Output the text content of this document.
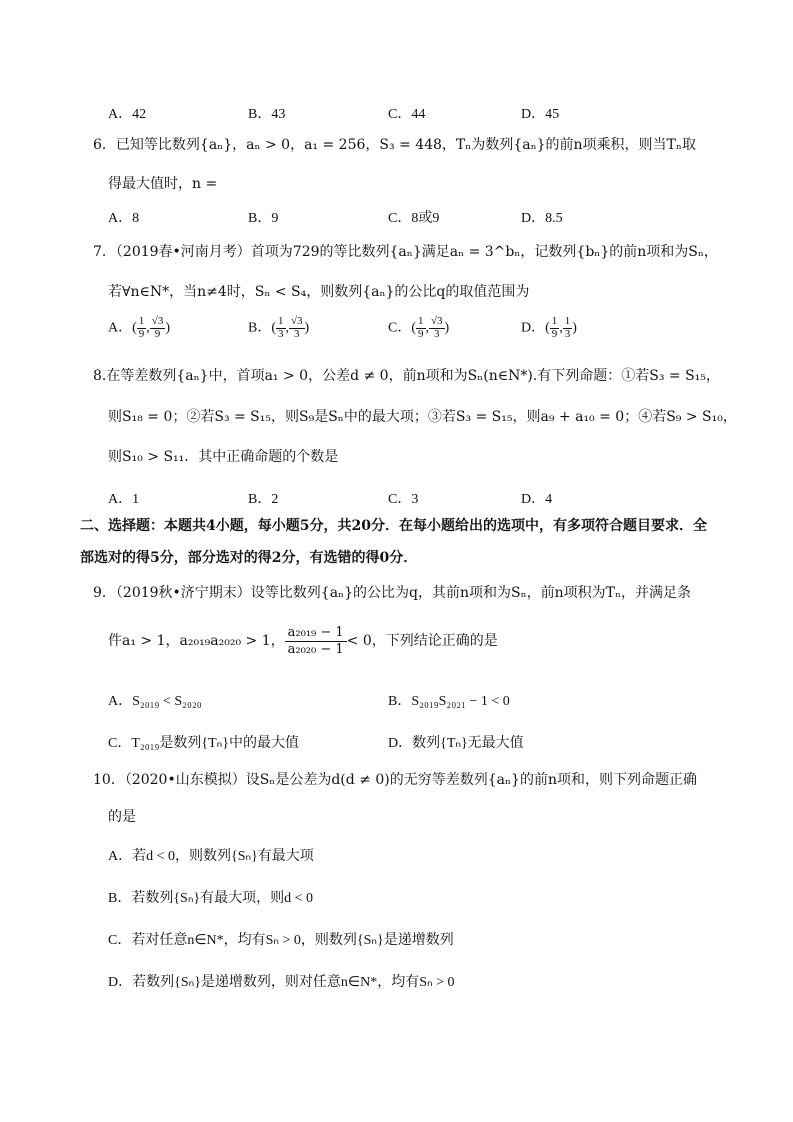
A．42	B．43	C．44	D．45
6．已知等比数列{aₙ}，aₙ > 0，a₁ = 256，S₃ = 448，Tₙ为数列{aₙ}的前n项乘积，则当Tₙ取
得最大值时，n =
A．8	B．9	C．8或9	D．8.5
7．（2019春•河南月考）首项为729的等比数列{aₙ}满足aₙ = 3^bₙ，记数列{bₙ}的前n项和为Sₙ，
若∀n∈N*，当n≠4时，Sₙ < S₄，则数列{aₙ}的公比q的取值范围为
A．( $\frac{1}{9}$ , $\frac{√3}{9}$ )	B．( $\frac{1}{3}$ , $\frac{√3}{3}$ )	C．( $\frac{1}{9}$ , $\frac{√3}{3}$ )	D．( $\frac{1}{9}$ , $\frac{1}{3}$ )
8.在等差数列{aₙ}中，首项a₁ > 0，公差d ≠ 0，前n项和为Sₙ(n∈N*).有下列命题：①若S₃ = S₁₅，
则S₁₈ = 0；②若S₃ = S₁₅，则S₉是Sₙ中的最大项；③若S₃ = S₁₅，则a₉ + a₁₀ = 0；④若S₉ > S₁₀，
则S₁₀ > S₁₁．其中正确命题的个数是
A．1	B．2	C．3	D．4
二、选择题：本题共4小题，每小题5分，共20分．在每小题给出的选项中，有多项符合题目要求．全
部选对的得5分，部分选对的得2分，有选错的得0分．
9．（2019秋•济宁期末）设等比数列{aₙ}的公比为q，其前n项和为Sₙ，前n项积为Tₙ，并满足条
件a₁ > 1，a₂₀₁₉a₂₀₂₀ > 1， $\frac{\text{a₂₀₁₉ − 1}}{\text{a₂₀₂₀ − 1}} < 0$，下列结论正确的是
A．S₂₀₁₉ < S₂₀₂₀	B．S₂₀₁₉S₂₀₂₁ − 1 < 0
C．T₂₀₁₉是数列{Tₙ}中的最大值	D．数列{Tₙ}无最大值
10．（2020•山东模拟）设Sₙ是公差为d(d ≠ 0)的无穷等差数列{aₙ}的前n项和，则下列命题正确
的是
A．若d < 0，则数列{Sₙ}有最大项
B．若数列{Sₙ}有最大项，则d < 0
C．若对任意n∈N*，均有Sₙ > 0，则数列{Sₙ}是递增数列
D．若数列{Sₙ}是递增数列，则对任意n∈N*，均有Sₙ > 0
